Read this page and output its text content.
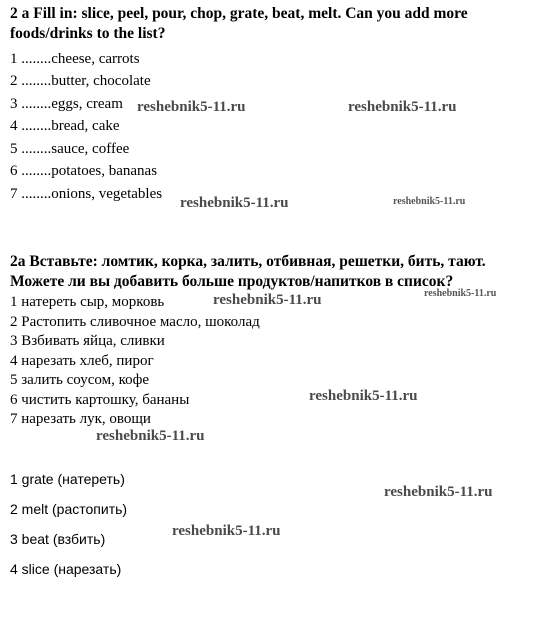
2 a Fill in: slice, peel, pour, chop, grate, beat, melt. Can you add more foods/drinks to the list?
1 ........cheese, carrots
2 ........butter, chocolate
3 ........eggs, cream
4 ........bread, cake
5 ........sauce, coffee
6 ........potatoes, bananas
7 ........onions, vegetables
2a Вставьте: ломтик, корка, залить, отбивная, решетки, бить, тают. Можете ли вы добавить больше продуктов/напитков в список?
1 натереть сыр, морковь
2 Растопить сливочное масло, шоколад
3 Взбивать яйца, сливки
4 нарезать хлеб, пирог
5 залить соусом, кофе
6 чистить картошку, бананы
7 нарезать лук, овощи
1 grate (натереть)
2 melt (растопить)
3 beat (взбить)
4 slice (нарезать)
reshebnik5-11.ru	reshebnik5-11.ru
reshebnik5-11.ru	reshebnik5-11.ru
reshebnik5-11.ru
reshebnik5-11.ru
reshebnik5-11.ru
reshebnik5-11.ru
reshebnik5-11.ru
reshebnik5-11.ru
